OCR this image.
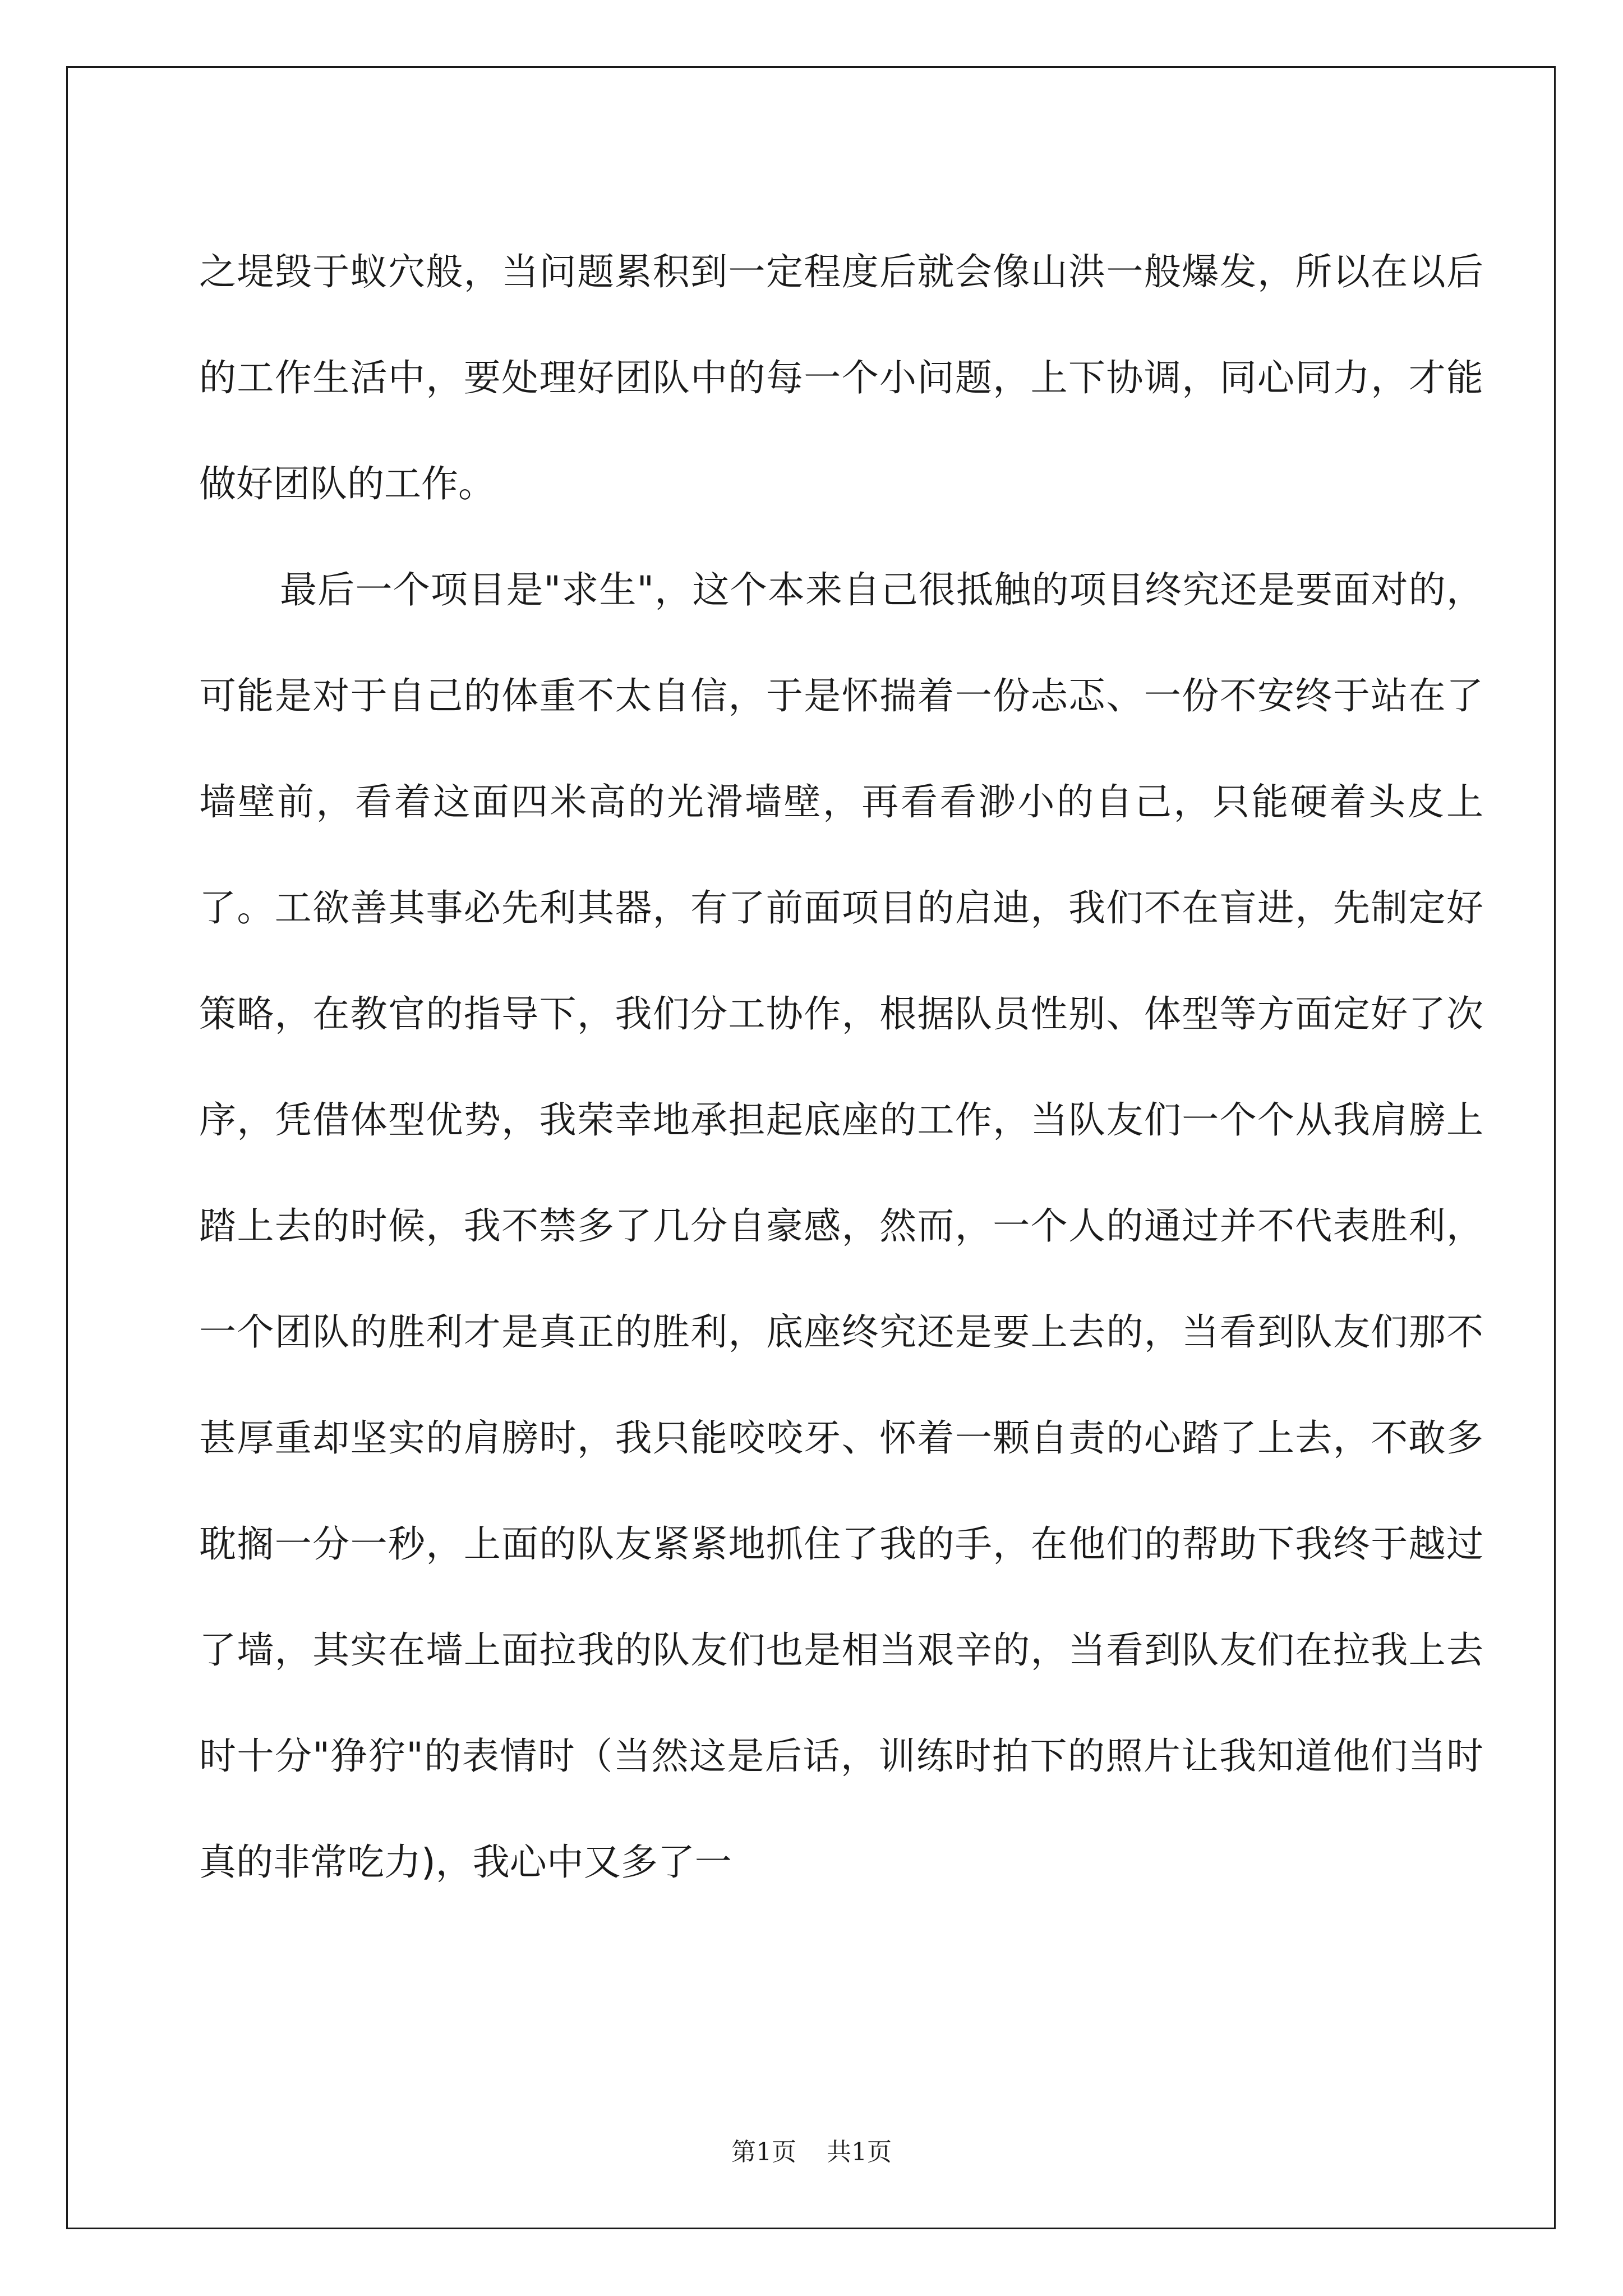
之堤毁于蚁穴般，当问题累积到一定程度后就会像山洪一般爆发，所以在以后的工作生活中，要处理好团队中的每一个小问题，上下协调，同心同力，才能做好团队的工作。

最后一个项目是"求生"，这个本来自己很抵触的项目终究还是要面对的，可能是对于自己的体重不太自信，于是怀揣着一份忐忑、一份不安终于站在了墙壁前，看着这面四米高的光滑墙壁，再看看渺小的自己，只能硬着头皮上了。工欲善其事必先利其器，有了前面项目的启迪，我们不在盲进，先制定好策略，在教官的指导下，我们分工协作，根据队员性别、体型等方面定好了次序，凭借体型优势，我荣幸地承担起底座的工作，当队友们一个个从我肩膀上踏上去的时候，我不禁多了几分自豪感，然而，一个人的通过并不代表胜利，一个团队的胜利才是真正的胜利，底座终究还是要上去的，当看到队友们那不甚厚重却坚实的肩膀时，我只能咬咬牙、怀着一颗自责的心踏了上去，不敢多耽搁一分一秒，上面的队友紧紧地抓住了我的手，在他们的帮助下我终于越过了墙，其实在墙上面拉我的队友们也是相当艰辛的，当看到队友们在拉我上去时十分"狰狞"的表情时（当然这是后话，训练时拍下的照片让我知道他们当时真的非常吃力)，我心中又多了一

第1页 共1页
